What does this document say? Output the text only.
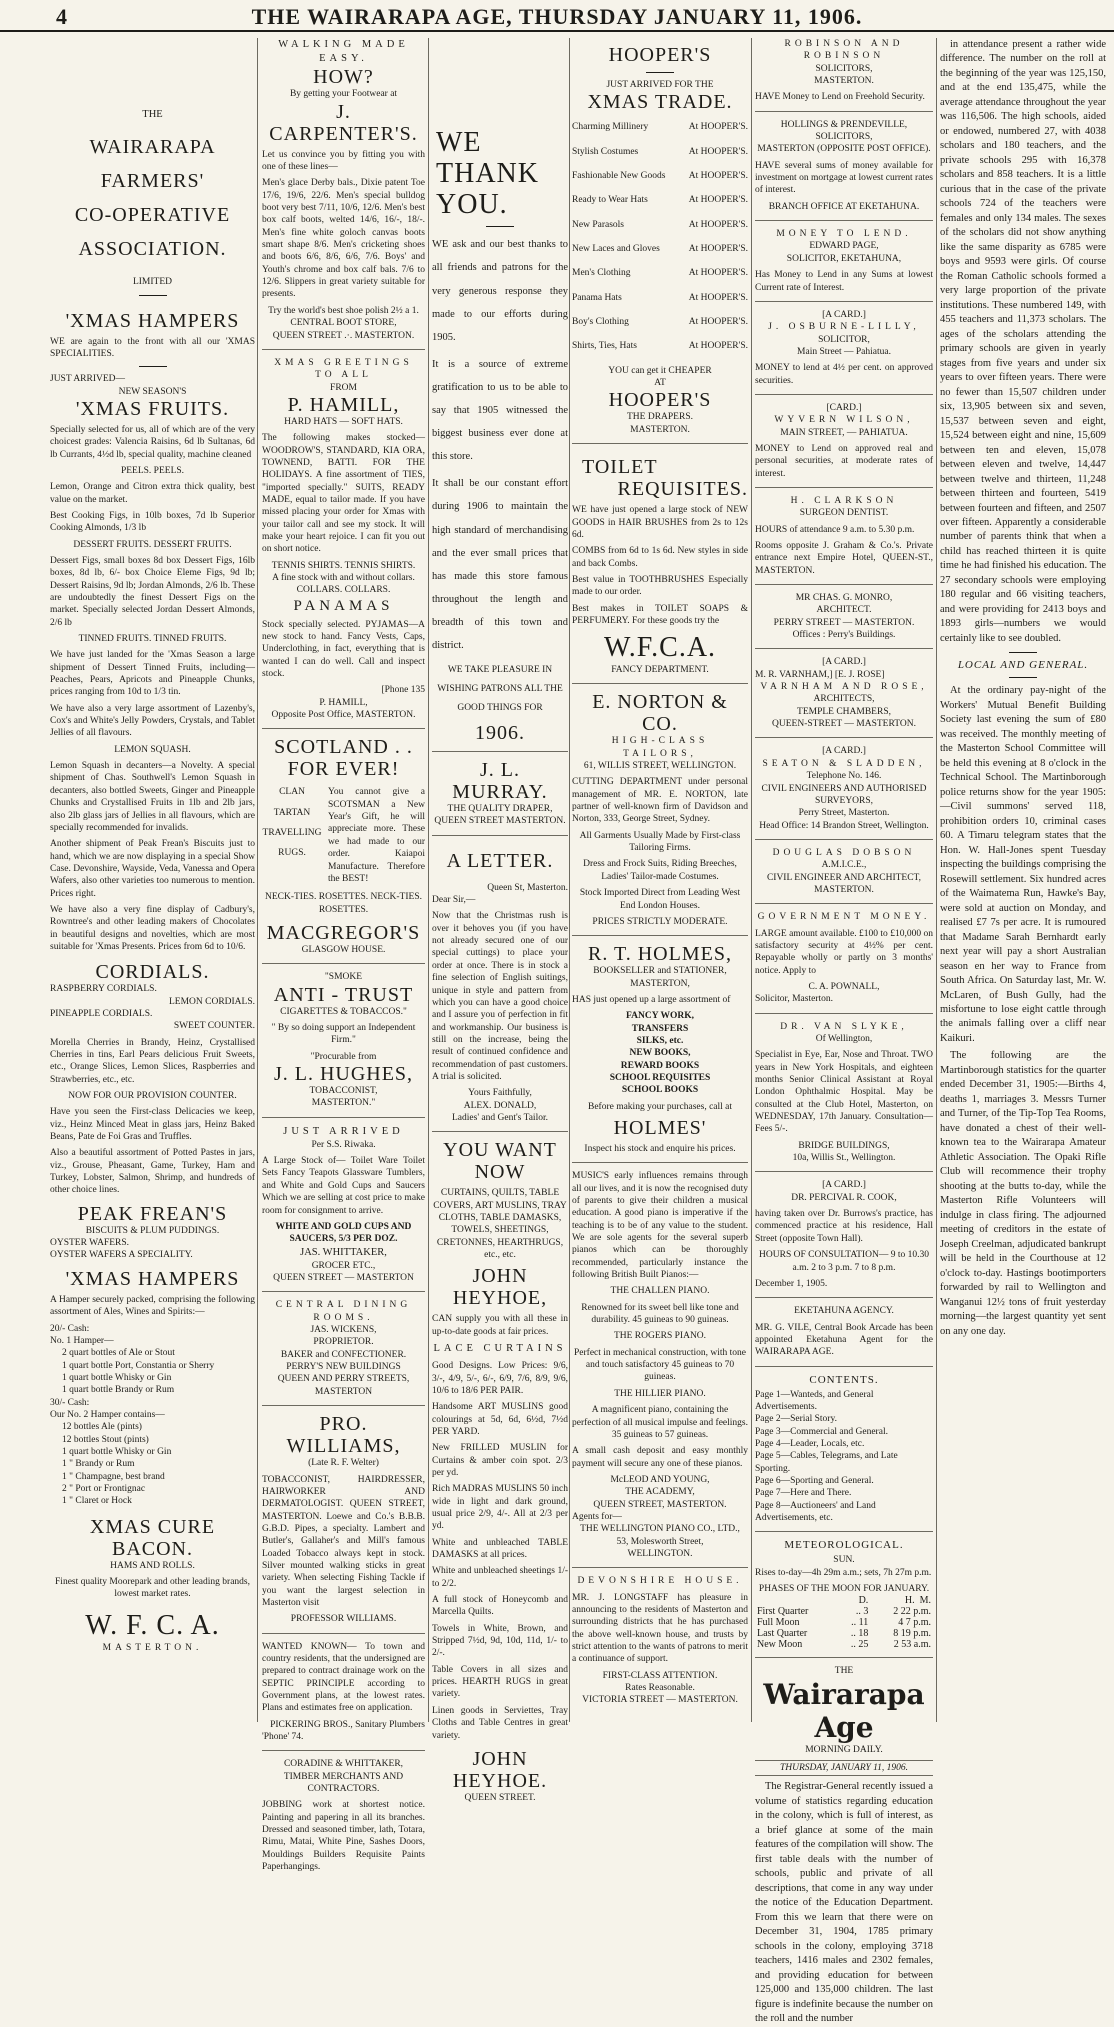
4	THE WAIRARAPA AGE, THURSDAY JANUARY 11, 1906.
THE
WAIRARAPA
FARMERS'
CO-OPERATIVE
ASSOCIATION.
LIMITED
'XMAS HAMPERS

WE are again to the front with all our 'XMAS SPECIALITIES.

JUST ARRIVED—
NEW SEASON'S
'XMAS FRUITS.

Specially selected for us, all of which are of the very choicest grades: Valencia Raisins, 6d lb Sultanas, 6d lb Currants, 4½d lb, special quality, machine cleaned

PEELS. PEELS.

Lemon, Orange and Citron extra thick quality, best value on the market.

Best Cooking Figs, in 10lb boxes, 7d lb Superior Cooking Almonds, 1/3 lb

DESSERT FRUITS. DESSERT FRUITS.

Dessert Figs, small boxes 8d box Dessert Figs, 16lb boxes, 8d lb, 6/- box Choice Eleme Figs, 9d lb; Dessert Raisins, 9d lb; Jordan Almonds, 2/6 lb. These are undoubtedly the finest Dessert Figs on the market. Specially selected Jordan Dessert Almonds, 2/6 lb

TINNED FRUITS. TINNED FRUITS.

We have just landed for the 'Xmas Season a large shipment of Dessert Tinned Fruits, including— Peaches, Pears, Apricots and Pineapple Chunks, prices ranging from 10d to 1/3 tin.

We have also a very large assortment of Lazenby's, Cox's and White's Jelly Powders, Crystals, and Tablet Jellies of all flavours.

LEMON SQUASH.

Lemon Squash in decanters—a Novelty. A special shipment of Chas. Southwell's Lemon Squash in decanters, also bottled Sweets, Ginger and Pineapple Chunks and Crystallised Fruits in 1lb and 2lb jars, also 2lb glass jars of Jellies in all flavours, which are specially recommended for invalids.

Another shipment of Peak Frean's Biscuits just to hand, which we are now displaying in a special Show Case. Devonshire, Wayside, Veda, Vanessa and Opera Wafers, also other varieties too numerous to mention. Prices right.

We have also a very fine display of Cadbury's, Rowntree's and other leading makers of Chocolates in beautiful designs and novelties, which are most suitable for 'Xmas Presents. Prices from 6d to 10/6.

CORDIALS.
RASPBERRY CORDIALS.
LEMON CORDIALS.
PINEAPPLE CORDIALS.
SWEET COUNTER.

Morella Cherries in Brandy, Heinz, Crystallised Cherries in tins, Earl Pears delicious Fruit Sweets, etc., Orange Slices, Lemon Slices, Raspberries and Strawberries, etc., etc.

NOW FOR OUR PROVISION COUNTER.

Have you seen the First-class Delicacies we keep, viz., Heinz Minced Meat in glass jars, Heinz Baked Beans, Pate de Foi Gras and Truffles.

Also a beautiful assortment of Potted Pastes in jars, viz., Grouse, Pheasant, Game, Turkey, Ham and Turkey, Lobster, Salmon, Shrimp, and hundreds of other choice lines.

PEAK FREAN'S
BISCUITS & PLUM PUDDINGS.
OYSTER WAFERS.
OYSTER WAFERS A SPECIALITY.
'XMAS HAMPERS

A Hamper securely packed, comprising the following assortment of Ales, Wines and Spirits:—

20/- Cash:
No. 1 Hamper—
2 quart bottles of Ale or Stout
1 quart bottle Port, Constantia or Sherry
1 quart bottle Whisky or Gin
1 quart bottle Brandy or Rum
30/- Cash:
Our No. 2 Hamper contains—
12 bottles Ale (pints)
12 bottles Stout (pints)
1 quart bottle Whisky or Gin
1 " Brandy or Rum
1 " Champagne, best brand
2 " Port or Frontignac
1 " Claret or Hock
XMAS CURE
BACON.
HAMS AND ROLLS.

Finest quality Moorepark and other leading brands, lowest market rates.

W. F. C. A.
MASTERTON.
WALKING MADE EASY.
HOW?
By getting your Footwear at
J. CARPENTER'S.

Let us convince you by fitting you with one of these lines—

Men's glace Derby bals., Dixie patent Toe 17/6, 19/6, 22/6. Men's special bulldog boot very best 7/11, 10/6, 12/6. Men's best box calf boots, welted 14/6, 16/-, 18/-. Men's fine white goloch canvas boots smart shape 8/6. Men's cricketing shoes and boots 6/6, 8/6, 6/6, 7/6. Boys' and Youth's chrome and box calf bals. 7/6 to 12/6. Slippers in great variety suitable for presents.

Try the world's best shoe polish 2½ a 1.
CENTRAL BOOT STORE,
QUEEN STREET .·. MASTERTON.
XMAS GREETINGS TO ALL
FROM
P. HAMILL,
HARD HATS — SOFT HATS.

The following makes stocked—WOODROW'S, STANDARD, KIA ORA, TOWNEND, BATTI. FOR THE HOLIDAYS. A fine assortment of TIES, "imported specially." SUITS, READY MADE, equal to tailor made. If you have missed placing your order for Xmas with your tailor call and see my stock. It will make your heart rejoice. I can fit you out on short notice.

TENNIS SHIRTS. TENNIS SHIRTS.
A fine stock with and without collars. COLLARS. COLLARS.
PANAMAS

Stock specially selected. PYJAMAS—A new stock to hand. Fancy Vests, Caps, Underclothing, in fact, everything that is wanted I can do well. Call and inspect stock.

[Phone 135
P. HAMILL,
Opposite Post Office, MASTERTON.
SCOTLAND . .
FOR EVER!
CLAN
TARTAN
TRAVELLING
RUGS.
You cannot give a SCOTSMAN a New Year's Gift, he will appreciate more. These we had made to our order. Kaiapoi Manufacture. Therefore the BEST!
NECK-TIES. ROSETTES. NECK-TIES. ROSETTES.
MACGREGOR'S
GLASGOW HOUSE.
"SMOKE
ANTI - TRUST
CIGARETTES & TOBACCOS."

" By so doing support an Independent Firm."

"Procurable from
J. L. HUGHES,
TOBACCONIST,
MASTERTON."
JUST ARRIVED
Per S.S. Riwaka.

A Large Stock of— Toilet Ware Toilet Sets Fancy Teapots Glassware Tumblers, and White and Gold Cups and Saucers Which we are selling at cost price to make room for consignment to arrive.

WHITE AND GOLD CUPS AND SAUCERS, 5/3 PER DOZ.
JAS. WHITTAKER,
GROCER ETC.,
QUEEN STREET — MASTERTON
CENTRAL DINING ROOMS.
JAS. WICKENS,
PROPRIETOR.
BAKER and CONFECTIONER.
PERRY'S NEW BUILDINGS
QUEEN AND PERRY STREETS,
MASTERTON
PRO. WILLIAMS,
(Late R. F. Welter)

TOBACCONIST, HAIRDRESSER, HAIRWORKER AND DERMATOLOGIST. QUEEN STREET, MASTERTON. Loewe and Co.'s B.B.B. G.B.D. Pipes, a specialty. Lambert and Butler's, Gallaher's and Mill's famous Loaded Tobacco always kept in stock. Silver mounted walking sticks in great variety. When selecting Fishing Tackle if you want the largest selection in Masterton visit

PROFESSOR WILLIAMS.

WANTED KNOWN— To town and country residents, that the undersigned are prepared to contract drainage work on the SEPTIC PRINCIPLE according to Government plans, at the lowest rates. Plans and estimates free on application.

PICKERING BROS., Sanitary Plumbers
'Phone' 74.
CORADINE & WHITTAKER,
TIMBER MERCHANTS AND CONTRACTORS.

JOBBING work at shortest notice. Painting and papering in all its branches. Dressed and seasoned timber, lath, Totara, Rimu, Matai, White Pine, Sashes Doors, Mouldings Builders Requisite Paints Paperhangings.

WE
THANK
YOU.

WE ask and our best thanks to all friends and patrons for the very generous response they made to our efforts during 1905.

It is a source of extreme gratification to us to be able to say that 1905 witnessed the biggest business ever done at this store.

It shall be our constant effort during 1906 to maintain the high standard of merchandising and the ever small prices that has made this store famous throughout the length and breadth of this town and district.

WE TAKE PLEASURE IN WISHING PATRONS ALL THE GOOD THINGS FOR

1906.
J. L. MURRAY.
THE QUALITY DRAPER,
QUEEN STREET MASTERTON.
A LETTER.
Queen St, Masterton.
Dear Sir,—

Now that the Christmas rush is over it behoves you (if you have not already secured one of our special cuttings) to place your order at once. There is in stock a fine selection of English suitings, unique in style and pattern from which you can have a good choice and I assure you of perfection in fit and workmanship. Our business is still on the increase, being the result of continued confidence and recommendation of past customers. A trial is solicited.

Yours Faithfully,
ALEX. DONALD,
Ladies' and Gent's Tailor.
YOU WANT NOW

CURTAINS, QUILTS, TABLE COVERS, ART MUSLINS, TRAY CLOTHS, TABLE DAMASKS, TOWELS, SHEETINGS, CRETONNES, HEARTHRUGS, etc., etc.

JOHN HEYHOE,

CAN supply you with all these in up-to-date goods at fair prices.

LACE CURTAINS

Good Designs. Low Prices: 9/6, 3/-, 4/9, 5/-, 6/-, 6/9, 7/6, 8/9, 9/6, 10/6 to 18/6 PER PAIR.

Handsome ART MUSLINS good colourings at 5d, 6d, 6½d, 7½d PER YARD.

New FRILLED MUSLIN for Curtains & amber coin spot. 2/3 per yd.

Rich MADRAS MUSLINS 50 inch wide in light and dark ground, usual price 2/9, 4/-. All at 2/3 per yd.

White and unbleached TABLE DAMASKS at all prices.

White and unbleached sheetings 1/- to 2/2.

A full stock of Honeycomb and Marcella Quilts.

Towels in White, Brown, and Stripped 7½d, 9d, 10d, 11d, 1/- to 2/-.

Table Covers in all sizes and prices. HEARTH RUGS in great variety.

Linen goods in Serviettes, Tray Cloths and Table Centres in great variety.

JOHN HEYHOE.
QUEEN STREET.
HOOPER'S
JUST ARRIVED FOR THE
XMAS TRADE.
Charming Millinery	At HOOPER'S.
Stylish Costumes	At HOOPER'S.
Fashionable New Goods At HOOPER'S.
Ready to Wear Hats	At HOOPER'S.
New Parasols	At HOOPER'S.
New Laces and Gloves	At HOOPER'S.
Men's Clothing	At HOOPER'S.
Panama Hats	At HOOPER'S.
Boy's Clothing	At HOOPER'S.
Shirts, Ties, Hats	At HOOPER'S.
YOU can get it CHEAPER
AT
HOOPER'S
THE DRAPERS.
MASTERTON.
TOILET
REQUISITES.

WE have just opened a large stock of NEW GOODS in HAIR BRUSHES from 2s to 12s 6d.

COMBS from 6d to 1s 6d. New styles in side and back Combs.

Best value in TOOTHBRUSHES Especially made to our order.

Best makes in TOILET SOAPS & PERFUMERY. For these goods try the

W.F.C.A.
FANCY DEPARTMENT.
E. NORTON & CO.
HIGH-CLASS TAILORS,
61, WILLIS STREET, WELLINGTON.

CUTTING DEPARTMENT under personal management of MR. E. NORTON, late partner of well-known firm of Davidson and Norton, 333, George Street, Sydney.

All Garments Usually Made by First-class Tailoring Firms.

Dress and Frock Suits, Riding Breeches, Ladies' Tailor-made Costumes.

Stock Imported Direct from Leading West End London Houses.

PRICES STRICTLY MODERATE.
R. T. HOLMES,
BOOKSELLER and STATIONER,
MASTERTON,

HAS just opened up a large assortment of

FANCY WORK,
TRANSFERS
SILKS, etc.
NEW BOOKS,
REWARD BOOKS
SCHOOL REQUISITES
SCHOOL BOOKS

Before making your purchases, call at

HOLMES'

Inspect his stock and enquire his prices.

MUSIC'S early influences remains through all our lives, and it is now the recognised duty of parents to give their children a musical education. A good piano is imperative if the teaching is to be of any value to the student. We are sole agents for the several superb pianos which can be thoroughly recommended, particularly instance the following British Built Pianos:—

THE CHALLEN PIANO.

Renowned for its sweet bell like tone and durability. 45 guineas to 90 guineas.

THE ROGERS PIANO.

Perfect in mechanical construction, with tone and touch satisfactory 45 guineas to 70 guineas.

THE HILLIER PIANO.

A magnificent piano, containing the perfection of all musical impulse and feelings. 35 guineas to 57 guineas.

A small cash deposit and easy monthly payment will secure any one of these pianos.

McLEOD AND YOUNG,
THE ACADEMY,
QUEEN STREET, MASTERTON.
Agents for—
THE WELLINGTON PIANO CO., LTD.,
53, Molesworth Street,
WELLINGTON.
DEVONSHIRE HOUSE.

MR. J. LONGSTAFF has pleasure in announcing to the residents of Masterton and surrounding districts that he has purchased the above well-known house, and trusts by strict attention to the wants of patrons to merit a continuance of support.

FIRST-CLASS ATTENTION.
Rates Reasonable.
VICTORIA STREET — MASTERTON.
ROBINSON AND ROBINSON
SOLICITORS,
MASTERTON.

HAVE Money to Lend on Freehold Security.

HOLLINGS & PRENDEVILLE,
SOLICITORS,
MASTERTON (OPPOSITE POST OFFICE).

HAVE several sums of money available for investment on mortgage at lowest current rates of interest.

BRANCH OFFICE AT EKETAHUNA.
MONEY TO LEND.
EDWARD PAGE,
SOLICITOR, EKETAHUNA,

Has Money to Lend in any Sums at lowest Current rate of Interest.

[A CARD.]
J. OSBURNE-LILLY,
SOLICITOR,
Main Street — Pahiatua.

MONEY to lend at 4½ per cent. on approved securities.

[CARD.]
WYVERN WILSON,
MAIN STREET, — PAHIATUA.

MONEY to Lend on approved real and personal securities, at moderate rates of interest.

H. CLARKSON
SURGEON DENTIST.

HOURS of attendance 9 a.m. to 5.30 p.m.

Rooms opposite J. Graham & Co.'s. Private entrance next Empire Hotel, QUEEN-ST., MASTERTON.

MR CHAS. G. MONRO,
ARCHITECT.
PERRY STREET — MASTERTON.
Offices : Perry's Buildings.
[A CARD.]
M. R. VARNHAM,] [E. J. ROSE]
VARNHAM AND ROSE,
ARCHITECTS,
TEMPLE CHAMBERS,
QUEEN-STREET — MASTERTON.
[A CARD.]
SEATON & SLADDEN,
Telephone No. 146.
CIVIL ENGINEERS AND AUTHORISED SURVEYORS,
Perry Street, Masterton.
Head Office: 14 Brandon Street, Wellington.
DOUGLAS DOBSON
A.M.I.C.E.,
CIVIL ENGINEER AND ARCHITECT,
MASTERTON.
GOVERNMENT MONEY.

LARGE amount available. £100 to £10,000 on satisfactory security at 4½% per cent. Repayable wholly or partly on 3 months' notice. Apply to

C. A. POWNALL,
Solicitor, Masterton.
DR. VAN SLYKE,
Of Wellington,

Specialist in Eye, Ear, Nose and Throat. TWO years in New York Hospitals, and eighteen months Senior Clinical Assistant at Royal London Ophthalmic Hospital. May be consulted at the Club Hotel, Masterton, on WEDNESDAY, 17th January. Consultation—Fees 5/-.

BRIDGE BUILDINGS,
10a, Willis St., Wellington.
[A CARD.]
DR. PERCIVAL R. COOK,

having taken over Dr. Burrows's practice, has commenced practice at his residence, Hall Street (opposite Town Hall).

HOURS OF CONSULTATION— 9 to 10.30 a.m. 2 to 3 p.m. 7 to 8 p.m.

December 1, 1905.
EKETAHUNA AGENCY.

MR. G. VILE, Central Book Arcade has been appointed Eketahuna Agent for the WAIRARAPA AGE.

CONTENTS.
Page 1—Wanteds, and General Advertisements.
Page 2—Serial Story.
Page 3—Commercial and General.
Page 4—Leader, Locals, etc.
Page 5—Cables, Telegrams, and Late Sporting.
Page 6—Sporting and General.
Page 7—Here and There.
Page 8—Auctioneers' and Land Advertisements, etc.
METEOROLOGICAL.
SUN.
Rises to-day—4h 29m a.m.; sets, 7h 27m p.m.
PHASES OF THE MOON FOR JANUARY.
	D.	H. M.
First Quarter	.. 3	2 22 p.m.
Full Moon	.. 11	4 7 p.m.
Last Quarter	.. 18	8 19 p.m.
New Moon	.. 25	2 53 a.m.
THE
Wairarapa Age
MORNING DAILY.
THURSDAY, JANUARY 11, 1906.

The Registrar-General recently issued a volume of statistics regarding education in the colony, which is full of interest, as a brief glance at some of the main features of the compilation will show. The first table deals with the number of schools, public and private of all descriptions, that come in any way under the notice of the Education Department. From this we learn that there were on December 31, 1904, 1785 primary schools in the colony, employing 3718 teachers, 1416 males and 2302 females, and providing education for between 125,000 and 135,000 children. The last figure is indefinite because the number on the roll and the number

in attendance present a rather wide difference. The number on the roll at the beginning of the year was 125,150, and at the end 135,475, while the average attendance throughout the year was 116,506. The high schools, aided or endowed, numbered 27, with 4038 scholars and 180 teachers, and the private schools 295 with 16,378 scholars and 858 teachers. It is a little curious that in the case of the private schools 724 of the teachers were females and only 134 males. The sexes of the scholars did not show anything like the same disparity as 6785 were boys and 9593 were girls. Of course the Roman Catholic schools formed a very large proportion of the private institutions. These numbered 149, with 455 teachers and 11,373 scholars. The ages of the scholars attending the primary schools are given in yearly stages from five years and under six years to over fifteen years. There were no fewer than 15,507 children under six, 13,905 between six and seven, 15,537 between seven and eight, 15,524 between eight and nine, 15,609 between ten and eleven, 15,078 between eleven and twelve, 14,447 between twelve and thirteen, 11,248 between thirteen and fourteen, 5419 between fourteen and fifteen, and 2507 over fifteen. Apparently a considerable number of parents think that when a child has reached thirteen it is quite time he had finished his education. The 27 secondary schools were employing 180 regular and 66 visiting teachers, and were providing for 2413 boys and 1893 girls—numbers we would certainly like to see doubled.

LOCAL AND GENERAL.

At the ordinary pay-night of the Workers' Mutual Benefit Building Society last evening the sum of £80 was received. The monthly meeting of the Masterton School Committee will be held this evening at 8 o'clock in the Technical School. The Martinborough police returns show for the year 1905:—Civil summons' served 118, prohibition orders 10, criminal cases 60. A Timaru telegram states that the Hon. W. Hall-Jones spent Tuesday inspecting the buildings comprising the Rosewill settlement. Six hundred acres of the Waimatema Run, Hawke's Bay, were sold at auction on Monday, and realised £7 7s per acre. It is rumoured that Madame Sarah Bernhardt early next year will pay a short Australian season en her way to France from South Africa. On Saturday last, Mr. W. McLaren, of Bush Gully, had the misfortune to lose eight cattle through the animals falling over a cliff near Kaikuri.

The following are the Martinborough statistics for the quarter ended December 31, 1905:—Births 4, deaths 1, marriages 3. Messrs Turner and Turner, of the Tip-Top Tea Rooms, have donated a chest of their well-known tea to the Wairarapa Amateur Athletic Association. The Opaki Rifle Club will recommence their trophy shooting at the butts to-day, while the Masterton Rifle Volunteers will indulge in class firing. The adjourned meeting of creditors in the estate of Joseph Creelman, adjudicated bankrupt will be held in the Courthouse at 12 o'clock to-day. Hastings bootimporters forwarded by rail to Wellington and Wanganui 12½ tons of fruit yesterday morning—the largest quantity yet sent on any one day.
